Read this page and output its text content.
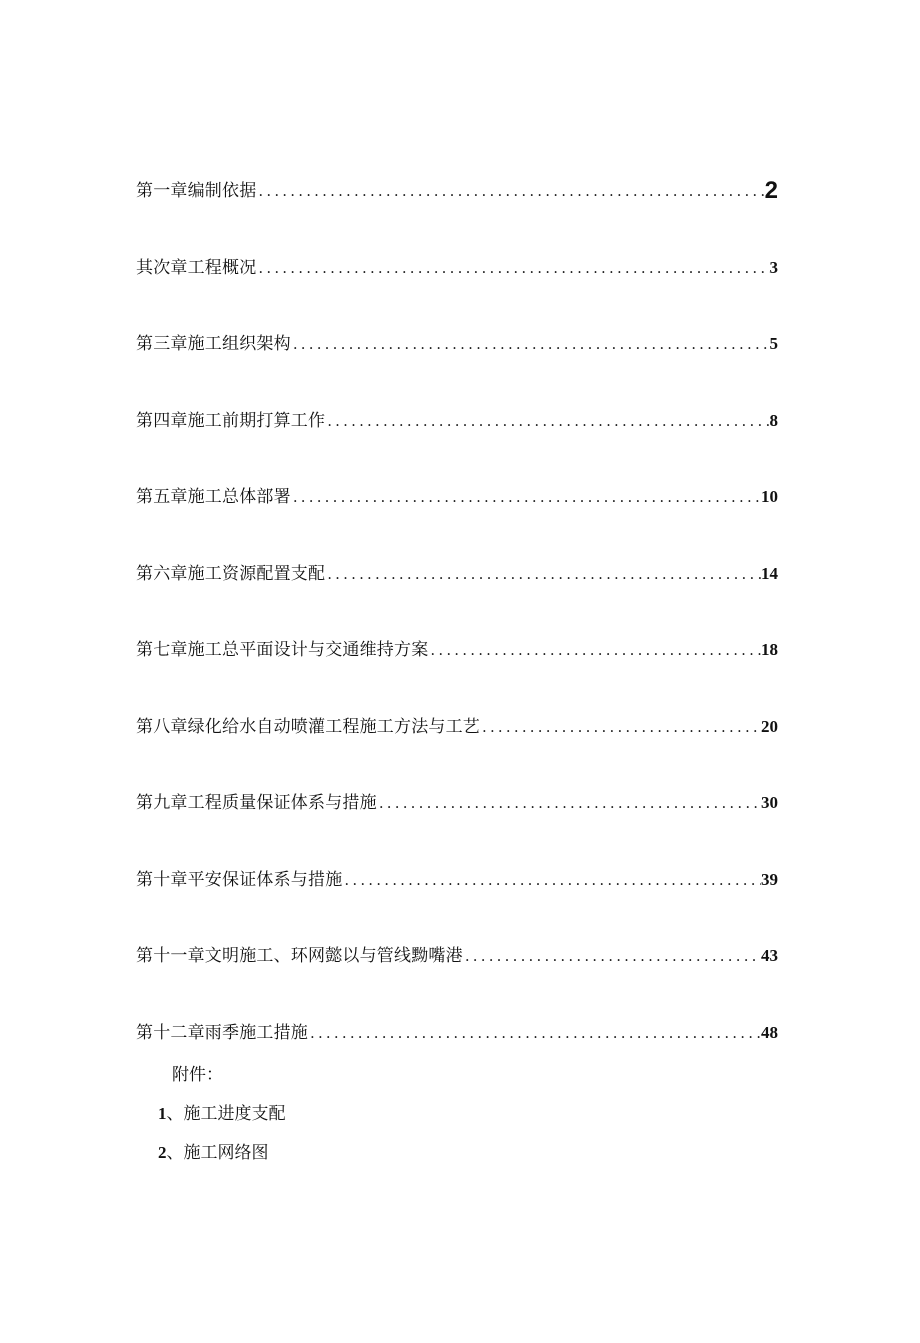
第一章编制依据 .....	2
其次章工程概况 .....	3
第三章施工组织架构 .....	5
第四章施工前期打算工作 .....	8
第五章施工总体部署 .....	10
第六章施工资源配置支配 .....	14
第七章施工总平面设计与交通维持方案 .....	18
第八章绿化给水自动喷灌工程施工方法与工艺 .....	20
第九章工程质量保证体系与措施 .....	30
第十章平安保证体系与措施 .....	39
第十一章文明施工、环网懿以与管线黝嘴港 .....	43
第十二章雨季施工措施 .....	48
附件：
1、施工进度支配
2、施工网络图
